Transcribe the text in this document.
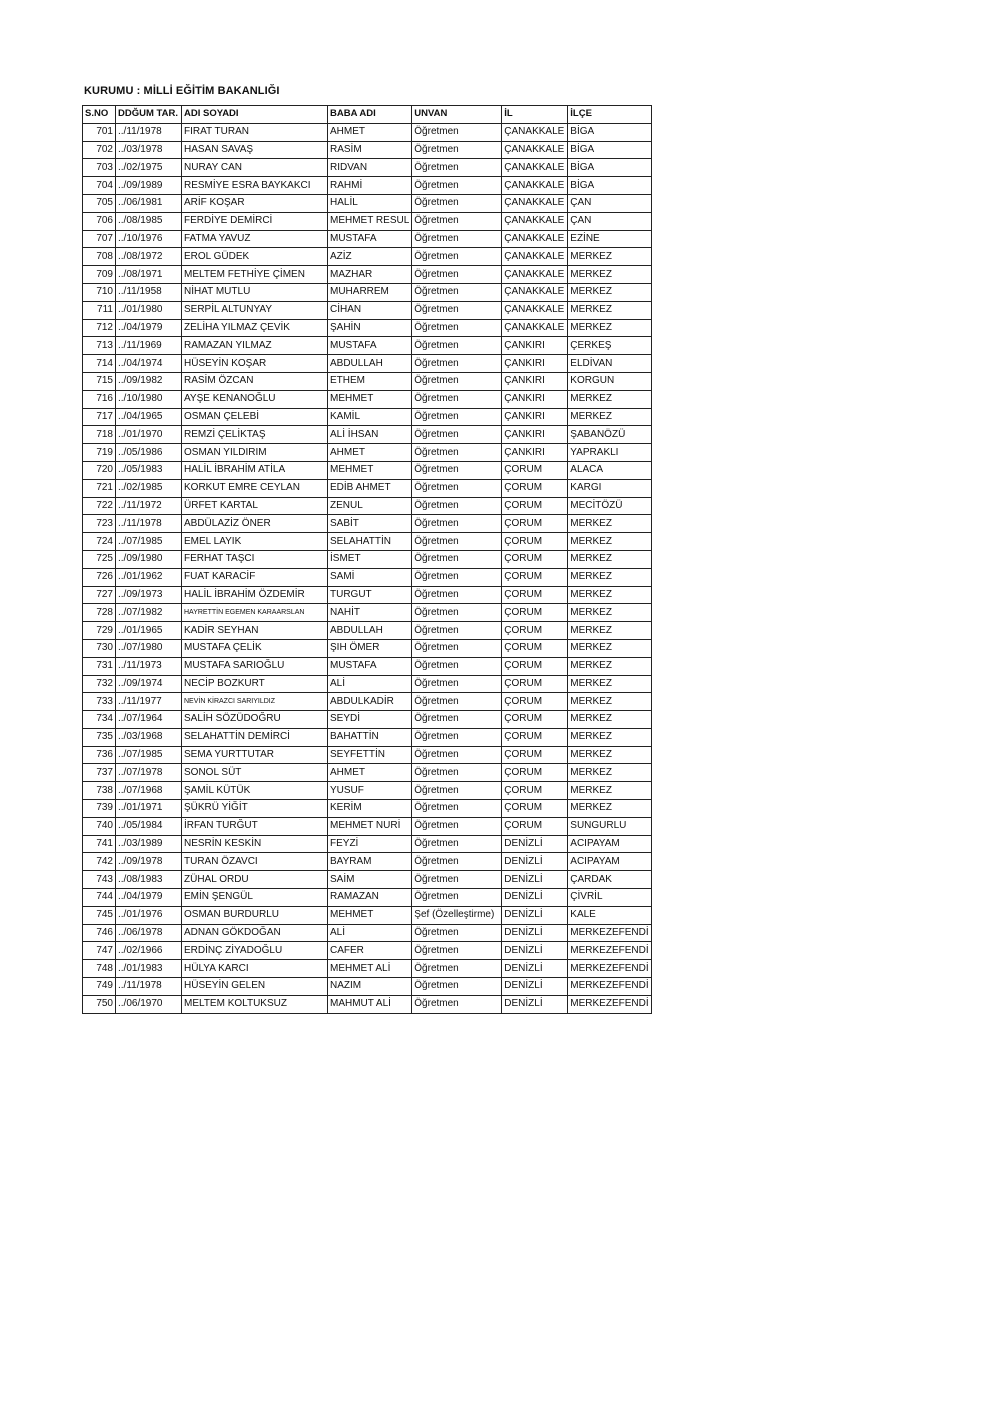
KURUMU : MİLLİ EĞİTİM BAKANLIĞI
S.NO	DDĞUM TAR.	ADI SOYADI	BABA ADI	UNVAN	İL	İLÇE
701	../11/1978	FIRAT TURAN	AHMET	Öğretmen	ÇANAKKALE	BİGA
702	../03/1978	HASAN SAVAŞ	RASİM	Öğretmen	ÇANAKKALE	BİGA
703	../02/1975	NURAY CAN	RIDVAN	Öğretmen	ÇANAKKALE	BİGA
704	../09/1989	RESMİYE ESRA BAYKAKCI	RAHMİ	Öğretmen	ÇANAKKALE	BİGA
705	../06/1981	ARİF KOŞAR	HALİL	Öğretmen	ÇANAKKALE	ÇAN
706	../08/1985	FERDİYE DEMİRCİ	MEHMET RESUL	Öğretmen	ÇANAKKALE	ÇAN
707	../10/1976	FATMA YAVUZ	MUSTAFA	Öğretmen	ÇANAKKALE	EZİNE
708	../08/1972	EROL GÜDEK	AZİZ	Öğretmen	ÇANAKKALE	MERKEZ
709	../08/1971	MELTEM FETHİYE ÇİMEN	MAZHAR	Öğretmen	ÇANAKKALE	MERKEZ
710	../11/1958	NİHAT MUTLU	MUHARREM	Öğretmen	ÇANAKKALE	MERKEZ
711	../01/1980	SERPİL ALTUNYAY	CİHAN	Öğretmen	ÇANAKKALE	MERKEZ
712	../04/1979	ZELİHA YILMAZ ÇEVİK	ŞAHİN	Öğretmen	ÇANAKKALE	MERKEZ
713	../11/1969	RAMAZAN YILMAZ	MUSTAFA	Öğretmen	ÇANKIRI	ÇERKEŞ
714	../04/1974	HÜSEYİN KOŞAR	ABDULLAH	Öğretmen	ÇANKIRI	ELDİVAN
715	../09/1982	RASİM ÖZCAN	ETHEM	Öğretmen	ÇANKIRI	KORGUN
716	../10/1980	AYŞE KENANOĞLU	MEHMET	Öğretmen	ÇANKIRI	MERKEZ
717	../04/1965	OSMAN ÇELEBİ	KAMİL	Öğretmen	ÇANKIRI	MERKEZ
718	../01/1970	REMZİ ÇELİKTAŞ	ALİ İHSAN	Öğretmen	ÇANKIRI	ŞABANÖZÜ
719	../05/1986	OSMAN YILDIRIM	AHMET	Öğretmen	ÇANKIRI	YAPRAKLI
720	../05/1983	HALİL İBRAHİM ATİLA	MEHMET	Öğretmen	ÇORUM	ALACA
721	../02/1985	KORKUT EMRE CEYLAN	EDİB AHMET	Öğretmen	ÇORUM	KARGI
722	../11/1972	ÜRFET KARTAL	ZENUL	Öğretmen	ÇORUM	MECİTÖZÜ
723	../11/1978	ABDÜLAZİZ ÖNER	SABİT	Öğretmen	ÇORUM	MERKEZ
724	../07/1985	EMEL LAYIK	SELAHATTİN	Öğretmen	ÇORUM	MERKEZ
725	../09/1980	FERHAT TAŞCI	İSMET	Öğretmen	ÇORUM	MERKEZ
726	../01/1962	FUAT KARACİF	SAMİ	Öğretmen	ÇORUM	MERKEZ
727	../09/1973	HALİL İBRAHİM ÖZDEMİR	TURGUT	Öğretmen	ÇORUM	MERKEZ
728	../07/1982	HAYRETTİN EGEMEN KARAARSLAN	NAHİT	Öğretmen	ÇORUM	MERKEZ
729	../01/1965	KADİR SEYHAN	ABDULLAH	Öğretmen	ÇORUM	MERKEZ
730	../07/1980	MUSTAFA ÇELİK	ŞIH ÖMER	Öğretmen	ÇORUM	MERKEZ
731	../11/1973	MUSTAFA SARIOĞLU	MUSTAFA	Öğretmen	ÇORUM	MERKEZ
732	../09/1974	NECİP BOZKURT	ALİ	Öğretmen	ÇORUM	MERKEZ
733	../11/1977	NEVİN KİRAZCI SARIYILDIZ	ABDULKADİR	Öğretmen	ÇORUM	MERKEZ
734	../07/1964	SALİH SÖZÜDOĞRU	SEYDİ	Öğretmen	ÇORUM	MERKEZ
735	../03/1968	SELAHATTİN DEMİRCİ	BAHATTİN	Öğretmen	ÇORUM	MERKEZ
736	../07/1985	SEMA YURTTUTAR	SEYFETTİN	Öğretmen	ÇORUM	MERKEZ
737	../07/1978	SONOL SÜT	AHMET	Öğretmen	ÇORUM	MERKEZ
738	../07/1968	ŞAMİL KÜTÜK	YUSUF	Öğretmen	ÇORUM	MERKEZ
739	../01/1971	ŞÜKRÜ YİĞİT	KERİM	Öğretmen	ÇORUM	MERKEZ
740	../05/1984	İRFAN TURĞUT	MEHMET NURİ	Öğretmen	ÇORUM	SUNGURLU
741	../03/1989	NESRİN KESKİN	FEYZİ	Öğretmen	DENİZLİ	ACIPAYAM
742	../09/1978	TURAN ÖZAVCI	BAYRAM	Öğretmen	DENİZLİ	ACIPAYAM
743	../08/1983	ZÜHAL ORDU	SAİM	Öğretmen	DENİZLİ	ÇARDAK
744	../04/1979	EMİN ŞENGÜL	RAMAZAN	Öğretmen	DENİZLİ	ÇİVRİL
745	../01/1976	OSMAN BURDURLU	MEHMET	Şef (Özelleştirme)	DENİZLİ	KALE
746	../06/1978	ADNAN GÖKDOĞAN	ALİ	Öğretmen	DENİZLİ	MERKEZEFENDİ
747	../02/1966	ERDİNÇ ZİYADOĞLU	CAFER	Öğretmen	DENİZLİ	MERKEZEFENDİ
748	../01/1983	HÜLYA KARCI	MEHMET ALİ	Öğretmen	DENİZLİ	MERKEZEFENDİ
749	../11/1978	HÜSEYİN GELEN	NAZIM	Öğretmen	DENİZLİ	MERKEZEFENDİ
750	../06/1970	MELTEM KOLTUKSUZ	MAHMUT ALİ	Öğretmen	DENİZLİ	MERKEZEFENDİ
